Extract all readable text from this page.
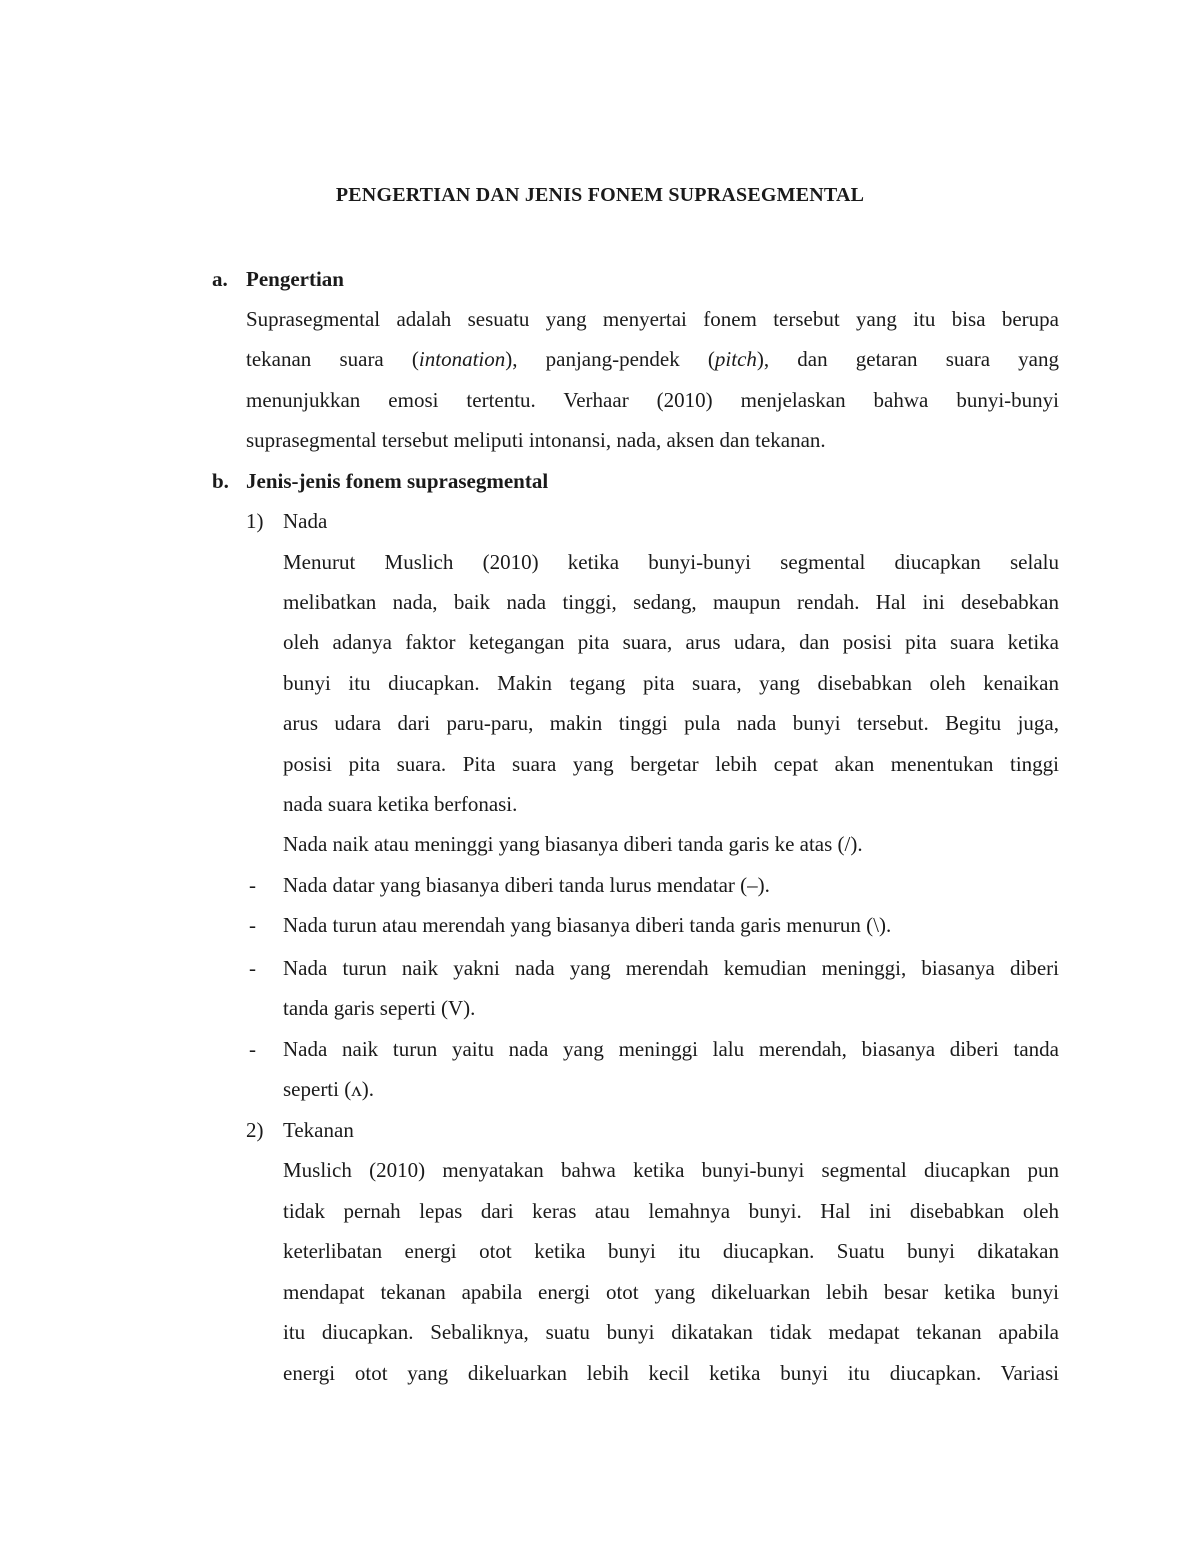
PENGERTIAN DAN JENIS FONEM SUPRASEGMENTAL
a. Pengertian
Suprasegmental adalah sesuatu yang menyertai fonem tersebut yang itu bisa berupa
tekanan suara (intonation), panjang-pendek (pitch), dan getaran suara yang
menunjukkan emosi tertentu. Verhaar (2010) menjelaskan bahwa bunyi-bunyi
suprasegmental tersebut meliputi intonansi, nada, aksen dan tekanan.
b. Jenis-jenis fonem suprasegmental
1) Nada
Menurut Muslich (2010) ketika bunyi-bunyi segmental diucapkan selalu
melibatkan nada, baik nada tinggi, sedang, maupun rendah. Hal ini desebabkan
oleh adanya faktor ketegangan pita suara, arus udara, dan posisi pita suara ketika
bunyi itu diucapkan. Makin tegang pita suara, yang disebabkan oleh kenaikan
arus udara dari paru-paru, makin tinggi pula nada bunyi tersebut. Begitu juga,
posisi pita suara. Pita suara yang bergetar lebih cepat akan menentukan tinggi
nada suara ketika berfonasi.
Nada naik atau meninggi yang biasanya diberi tanda garis ke atas (/).
- Nada datar yang biasanya diberi tanda lurus mendatar (–).
- Nada turun atau merendah yang biasanya diberi tanda garis menurun (\).
- Nada turun naik yakni nada yang merendah kemudian meninggi, biasanya diberi
tanda garis seperti (V).
- Nada naik turun yaitu nada yang meninggi lalu merendah, biasanya diberi tanda
seperti (ʌ).
2) Tekanan
Muslich (2010) menyatakan bahwa ketika bunyi-bunyi segmental diucapkan pun
tidak pernah lepas dari keras atau lemahnya bunyi. Hal ini disebabkan oleh
keterlibatan energi otot ketika bunyi itu diucapkan. Suatu bunyi dikatakan
mendapat tekanan apabila energi otot yang dikeluarkan lebih besar ketika bunyi
itu diucapkan. Sebaliknya, suatu bunyi dikatakan tidak medapat tekanan apabila
energi otot yang dikeluarkan lebih kecil ketika bunyi itu diucapkan. Variasi
